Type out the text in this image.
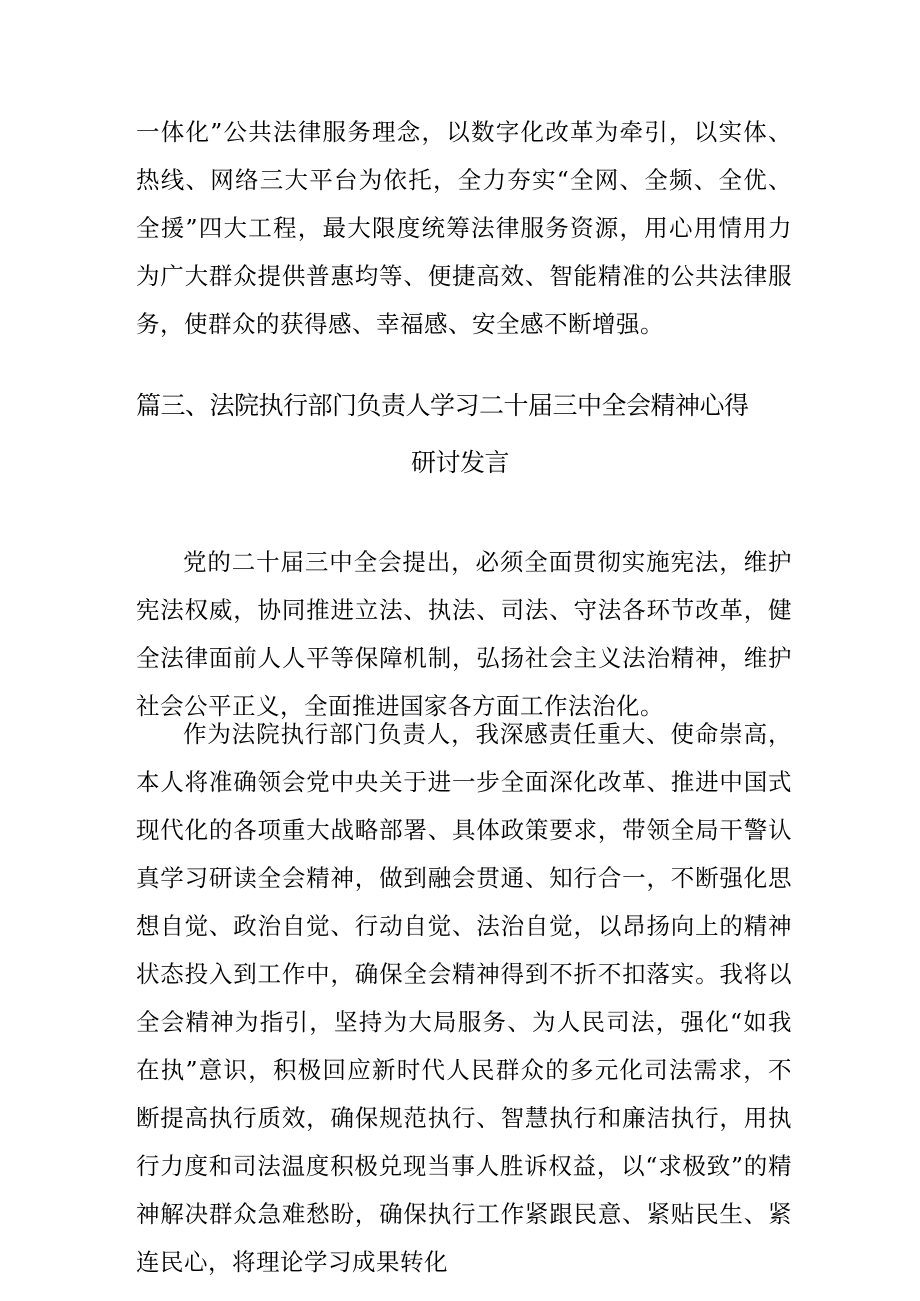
一体化”公共法律服务理念，以数字化改革为牵引，以实体、热线、网络三大平台为依托，全力夯实“全网、全频、全优、全援”四大工程，最大限度统筹法律服务资源，用心用情用力为广大群众提供普惠均等、便捷高效、智能精准的公共法律服务，使群众的获得感、幸福感、安全感不断增强。

篇三、法院执行部门负责人学习二十届三中全会精神心得
研讨发言

党的二十届三中全会提出，必须全面贯彻实施宪法，维护宪法权威，协同推进立法、执法、司法、守法各环节改革，健全法律面前人人平等保障机制，弘扬社会主义法治精神，维护社会公平正义，全面推进国家各方面工作法治化。

作为法院执行部门负责人，我深感责任重大、使命崇高，本人将准确领会党中央关于进一步全面深化改革、推进中国式现代化的各项重大战略部署、具体政策要求，带领全局干警认真学习研读全会精神，做到融会贯通、知行合一，不断强化思想自觉、政治自觉、行动自觉、法治自觉，以昂扬向上的精神状态投入到工作中，确保全会精神得到不折不扣落实。我将以全会精神为指引，坚持为大局服务、为人民司法，强化“如我在执”意识，积极回应新时代人民群众的多元化司法需求，不断提高执行质效，确保规范执行、智慧执行和廉洁执行，用执行力度和司法温度积极兑现当事人胜诉权益，以“求极致”的精神解决群众急难愁盼，确保执行工作紧跟民意、紧贴民生、紧连民心，将理论学习成果转化
